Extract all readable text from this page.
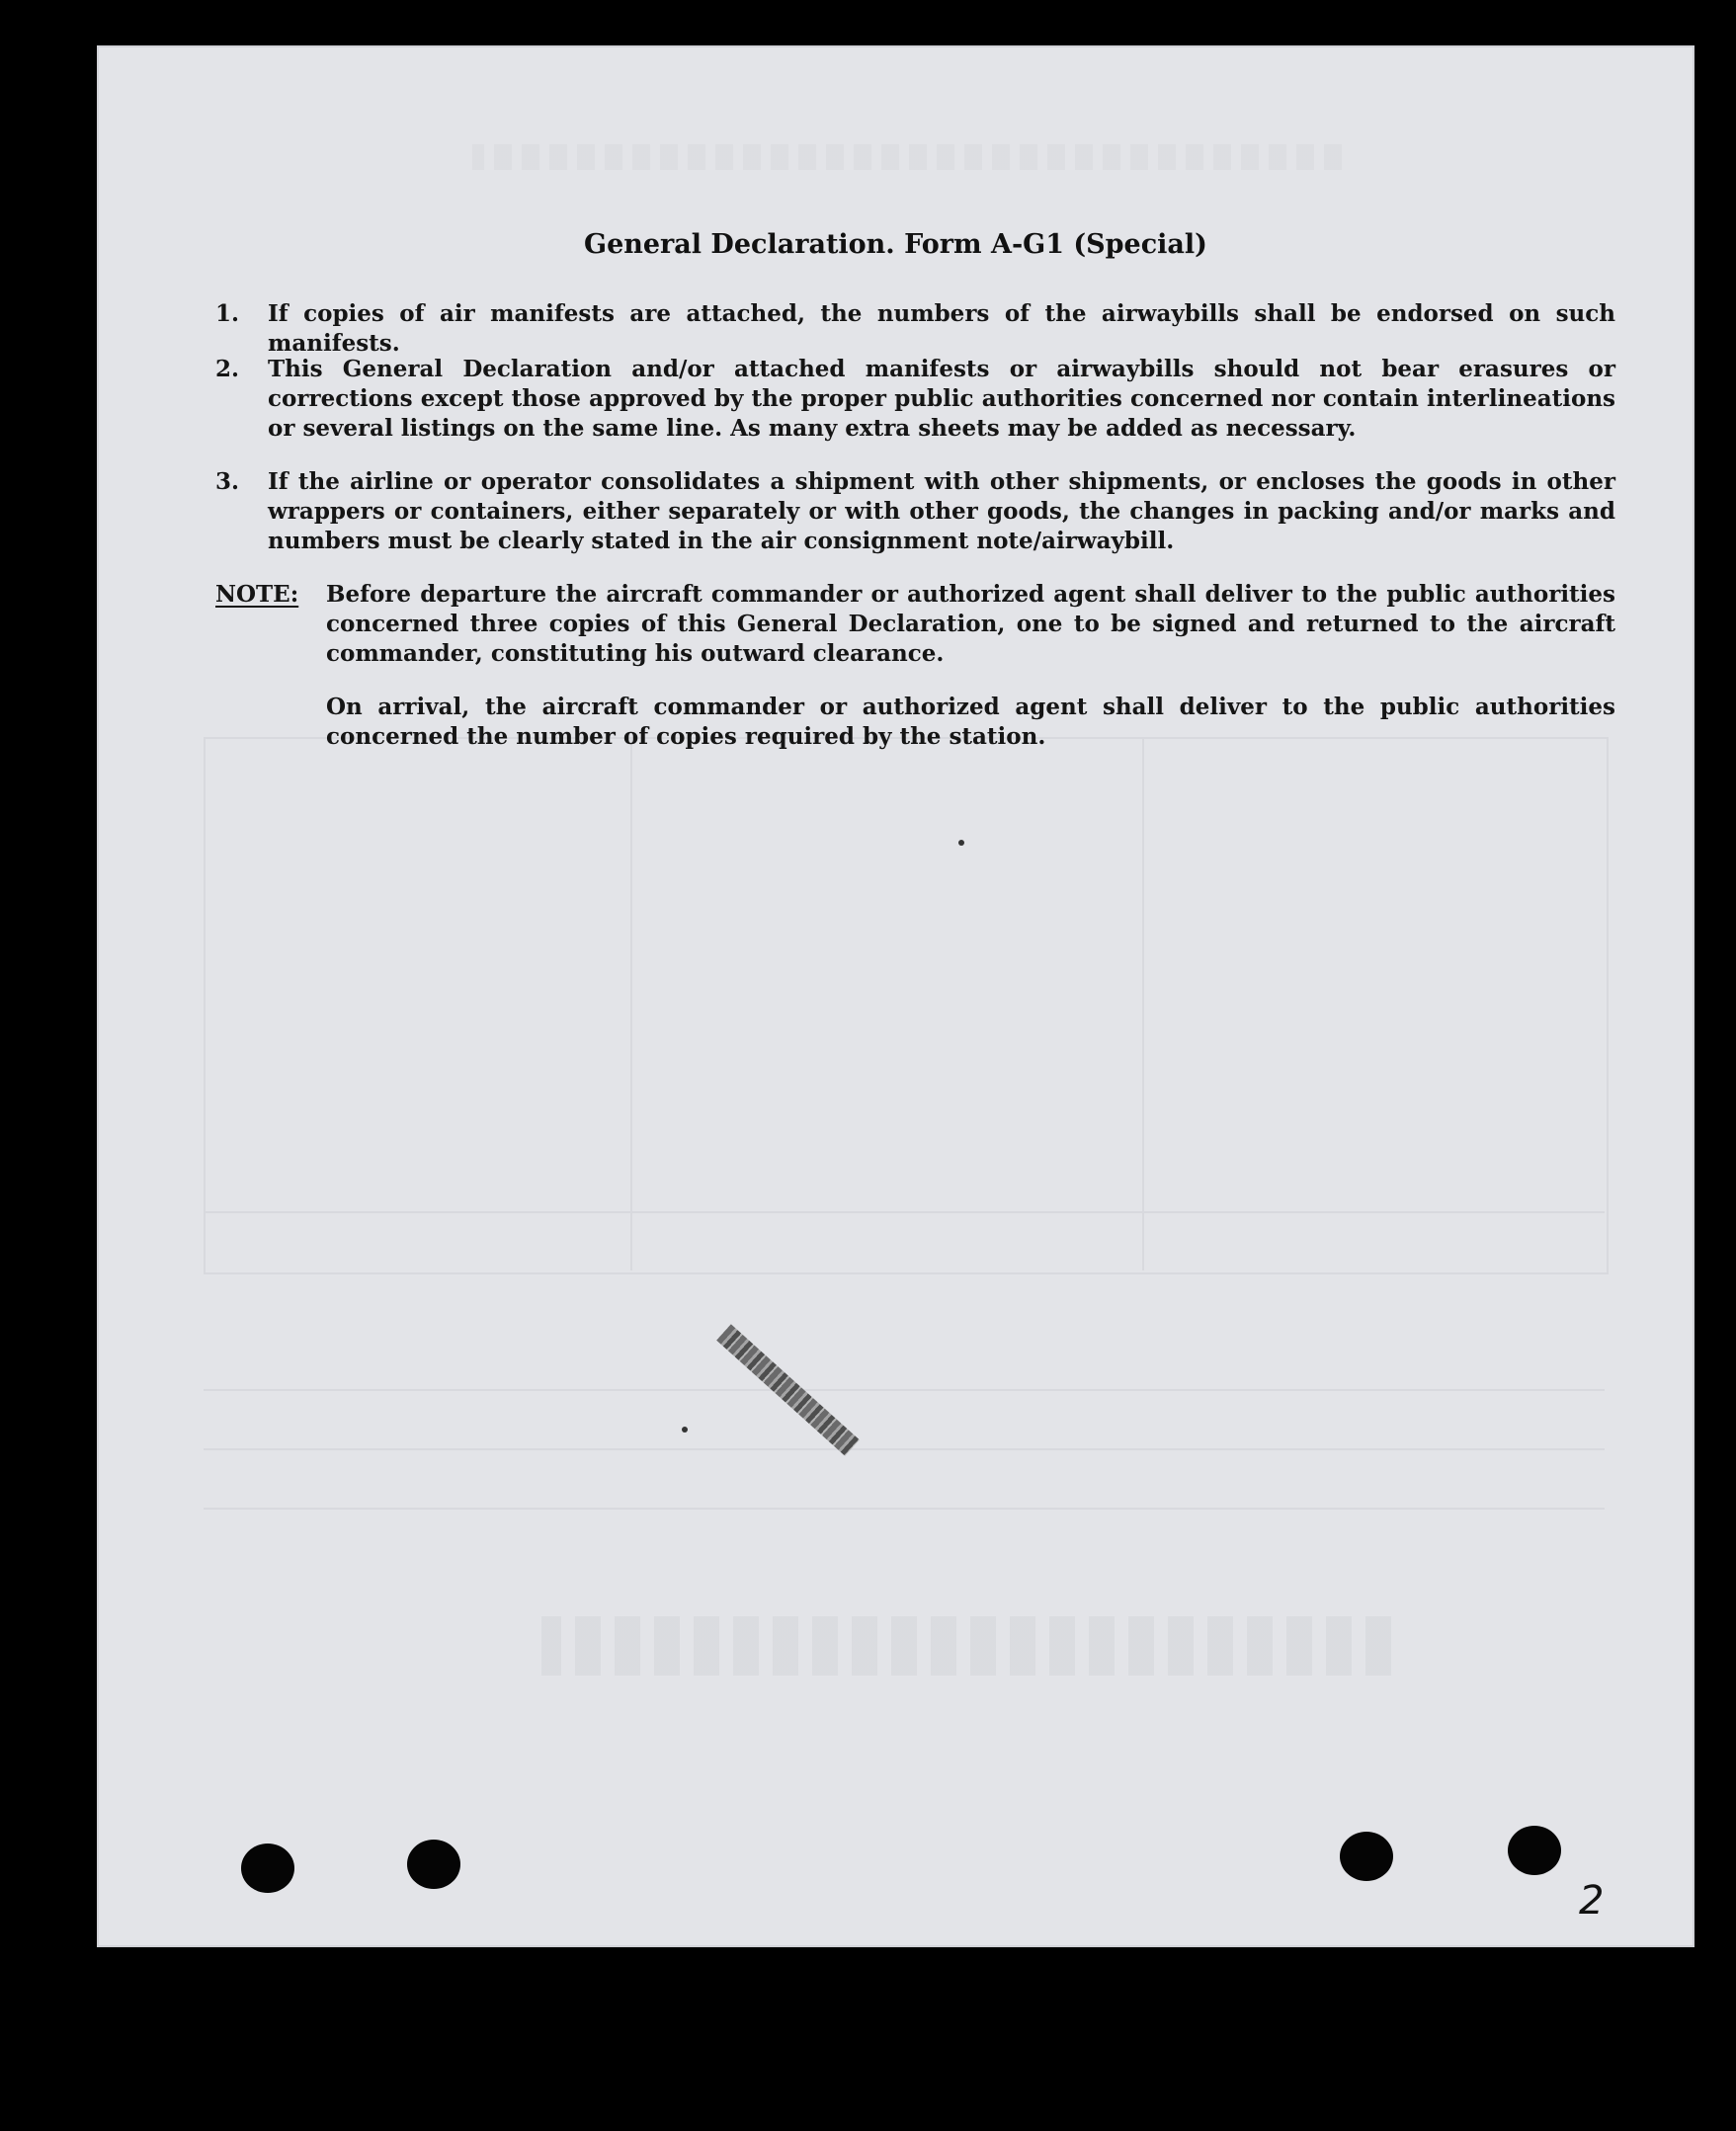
General Declaration. Form A-G1 (Special)
1.	If copies of air manifests are attached, the numbers of the airwaybills shall be endorsed on such manifests.
2.	This General Declaration and/or attached manifests or airwaybills should not bear erasures or corrections except those approved by the proper public authorities concerned nor contain interlineations or several listings on the same line. As many extra sheets may be added as necessary.
3.	If the airline or operator consolidates a shipment with other shipments, or encloses the goods in other wrappers or containers, either separately or with other goods, the changes in packing and/or marks and numbers must be clearly stated in the air consignment note/airwaybill.
NOTE: Before departure the aircraft commander or authorized agent shall deliver to the public authorities concerned three copies of this General Declaration, one to be signed and returned to the aircraft commander, constituting his outward clearance.
On arrival, the aircraft commander or authorized agent shall deliver to the public authorities concerned the number of copies required by the station.
2
